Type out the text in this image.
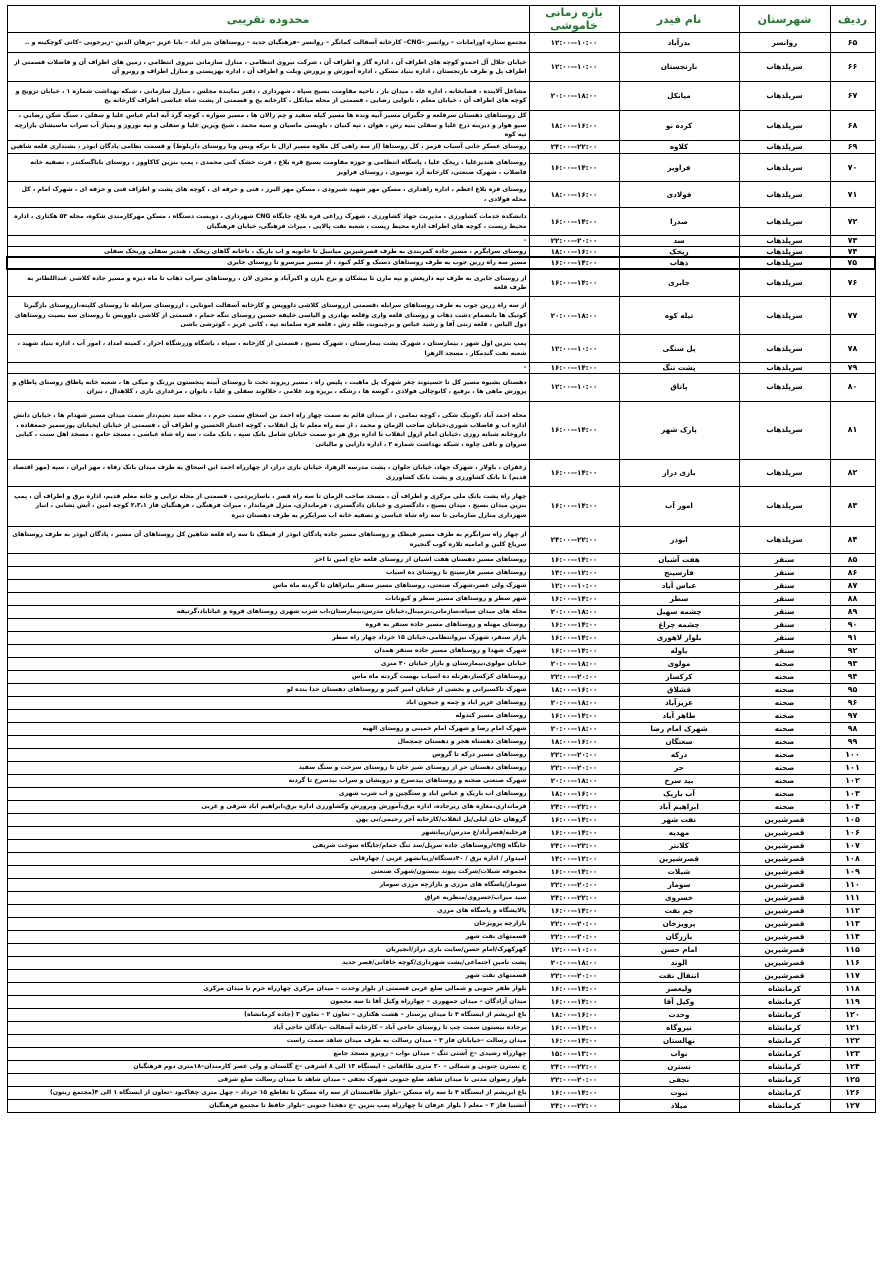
ردیف	شهرستان	نام فیدر	بازه زمانی خاموشی	محدوده تقریبی
۶۵	روانسر	بدرآباد	۱۰:۰۰--۱۲:۰۰	مجتمع ستاره اورامانات – روانسر –CNG– کارخانه آسفالت کمانگر – روانسر –فرهنگیان جدید – روستاهای بدر اباد – بابا عزیز –برهان الدین –زیرجوبی –کانی کوچکینه و ..
۶۶	سرپلذهاب	نارنجستان	۱۰:۰۰--۱۲:۰۰	خیابان جلال آل احمدو کوچه های اطراف آن ، اداره گاز و اطراف آن ، شرکت نیروی انتظامی ، منازل سازمانی نیروی انتظامی ، زمین های اطراف آن و فاضلاب قسمتی از اطراف پل و طرف نارنجستان ، اداره بنیاد مسکن ، اداره آموزش و پرورش وبلت و اطراف آن ، اداره بهزیستی و منازل اطراف و روبرو آن
۶۷	سرپلذهاب	میانکل	۱۸:۰۰--۲۰:۰۰	مشاغل آلاینده ، قصابخانه ، اداره غله ، میدان بار ، ناحیه مقاومت بسیج سپاه ، شهرداری ، دفتر نماینده مجلس ، منازل سازمانی ، شبکه بهداشت شماره ۱ ، خیابان ترویج و کوچه های اطراف آن ، خیابان معلم ، تانوایی رضایی ، قسمتی از محله میانکل ، کارخانه یخ و قسمتی از پشت شاه عباسی اطراف کارخانه یخ
۶۸	سرپلذهاب	کرده نو	۱۶:۰۰--۱۸:۰۰	کل روستاهای دهستان سرقلعه و جگیران مسیر آبیه ونده ها مسیر کیله سفید و چم زالان ها ، مسیر سواره ، کوچه گرد آیه امام عباس علیا و سفلی ، سنگ شکن رضایی ، سیو هوار و دیرینه ذرع علیا و سفلی بنیه رش ، هوان ، تپه کنیان ، باویسی ماسیان و سیه محمد ، شیخ ویزین علیا و سفلی و تپه نوروز و پمپاژ آب سراب ماسیشان بازارچه تپه کوه
۶۹	سرپلذهاب	کلاوه	۲۲:۰۰--۲۴:۰۰	روستای عسکر خانی آسیاب قرمز ، کل روستاها (از سه راهی کل ملاوه مسیر ازال تا ترکه ویس وتا روستای داربلوط) و قسمت نظامی پادگان ابوذر ، بشنداری قلعه شاهین
۷۰	سرپلذهاب	فراویز	۱۴:۰۰--۱۶:۰۰	روستاهای هندیزعلیا ، ریخک علیا ، پاسگاه انتظامی و حوزه مقاومت بسیج قره بلاغ ، قرت خشک کنی محمدی ، پمپ بنزین کاکاوور ، روستای باباگسکندر ، تصفیه خانه فاضلاب ، شهرک صنعتی، کارخانه آرد موسوی ، روستای فراویز
۷۱	سرپلذهاب	فولادی	۱۶:۰۰--۱۸:۰۰	روستای قره بلاغ اعظم ، اداره راهداری ، مسکن مهر شهید شیرودی ، مسکن مهر البرز ، فنی و حرفه ای ، کوچه های پشت و اطراف فنی و حرفه ای ، شهرک امام ، کل محله فولادی ،
۷۲	سرپلذهاب	صدرا	۱۴:۰۰--۱۶:۰۰	دانشکده خدمات کشاورزی ، مدیریت جهاد کشاورزی ، شهرک زراعی قره بلاغ، جایگاه CNG شهرداری ، دوبست دستگاه ، مسکن مهرکارمندی شکوه، محله ۵۴ هکتاری ، اداره محیط زیست ، کوچه های اطراف اداره محیط زیست ، شعبه نفت پالایی ، میراث فرهنگی، خیابان فرهنگیان
۷۳	سرپلذهاب	سد	۲۰:۰۰--۲۲:۰۰	-
۷۴	سرپلذهاب	ریخک	۱۶:۰۰--۱۸:۰۰	روستای سرابگرم ، مسیر جاده کمربندی به طرف قصرشیرین میانبیل تا خانوبه و اب باریک ، تاخانه گاهای ریخک ، هندیر سفلی وریخک سفلی
۷۵	سرپلذهاب	ذهاب	۱۴:۰۰--۱۶:۰۰	مسیر سه راه زرین جوب به طرف روستاهای دستک و کلم کبود ، از مسیر میرسرو تا روستای جابری
۷۶	سرپلذهاب	جابری	۱۴:۰۰--۱۶:۰۰	از روستای جابری به طرف تپه دارپغش و تپه مارن تا بیشکان و برج بارن و اکبرآباد و مجری لان ، روستاهای سراب ذهاب تا ماه دیزه و مسیر جاده کلاشی عبداللطانر به طرف قلعه
۷۷	سرپلذهاب	تیله کوه	۱۸:۰۰--۲۰:۰۰	از سه راه زرین جوب به طرف روستاهای سرابله ،قسمتی ازروستای کلاشی داوویس و کارخانه آسفالت امونایی ، ازروستای سرابله تا روستای کلیته،ازروستای بازگیرتا کوتیک ها بانضمام دشت ذهاب و روستای قلعه واری وقلعه بهادری و الیاسی خلیفه حسین روستای تنگه حمام ، قسمتی از کلاشی داوویس تا روستای سه بسیت روستاهای دول الیاس ، قلعه زنتی آقا و رشید عباس و برچینوند، ظله زش ، قلعه فره سلمانه تپه ، کانی عزیز ، کوترشی باشی
۷۸	سرپلذهاب	پل سنگی	۱۰:۰۰--۱۲:۰۰	پمپ بنزین اول شهر ، بیمارستان ، شهرک پشت بیمارستان ، شهرک بسیج ، قسمتی از کارخانه ، سپاه ، باشگاه وزرشگاه احرار ، کمیته امداد ، امور آب ، اداره بنیاد شهید ، شعبه نفت گندمکار ، مسجد الزهرا
۷۹	سرپلذهاب	پشت تنگ	۱۴:۰۰--۱۶:۰۰	-
۸۰	سرپلذهاب	پاتاق	۱۰:۰۰--۱۲:۰۰	دهستان بشیوه مسیر کل تا حسینوند چغر شهرک پل ماهیت ، پلیس راه ، مسیر ریزوند تخت تا روستای آبینه پنجستون برزنک و میکی ها ، شعبه خانه پاطاق روستای پاطاق و پرورش ماهی ها ، برفیع ، کانوچالی فولادی ، کوسه ها ، زشکه ، بریره وند غلامی ، جلالوند سفلی و علیا ، بانوان ، مرغداری بازی ، کلاهدال ، بیران
۸۱	سرپلذهاب	پارک شهر	۱۴:۰۰--۱۶:۰۰	محله احمد آباد ،کوتیک شکی ، کوچه تمامی ، از میدان قائم به سمت چهار راه احمد بن اسحاق سمت حرم ، ، محله سید نعیم،دار سمت میدان مسیر شهدام ها ، خیابان دانش اداره اب و فاضلاب شوری،خیابان صاحب الزمان و محمد ، از سه راه معلم تا پل انقلاب ، کوچه اعتبار الحسین و اطراف آن ، قسمتی از خیابان ایخیابان پورسمیر جمعفاده ، داروخانه شبانه روزی ،خیابان امام ازول انقلاب تا اداره برق هر دو سمت خیابان شامل بانک سپه ، بانک ملت ، سه راه شاه عباسی ، مسجد جامع ، مسجد اهل سنت ، کبابی سروان و باقی چاوه ، شبکه بهداشت شماره ۲ ، اداره دارایی و مالیاتی
۸۲	سرپلذهاب	بازی دراز	۱۴:۰۰--۱۶:۰۰	زعفران ، باولار ، شهرک جهاد، خیابان حلوان ، پشت مدرسه الزهرا، خیابان بازی دراز، از چهارراه احمد ابن اسحاق به طرف میدان بانک رفاه ، مهر ایران ، سپه (مهر اقتصاد قدیم) تا بانک کشاورزی و پشت بانک کشاورزی
۸۳	سرپلذهاب	امور آب	۱۴:۰۰--۱۶:۰۰	چهار راه پشت بانک ملی مرکزی و اطراف آن ، مسجد صاحب الزمان تا سه راه قصر ، باسازبردمی ، قسمتی از محله ترابی و خانه معلم قدیم، اداره برق و اطراف آن ، پمپ بنزین میدان بسیج ، میدان بسیج ، دادگستری و خیابان دادگستری ، فرمانداری، منزل فرماندار ، میراث فرهنگی ، فرهنگیان فاز ۲،۳،۱ کوچه امین ، آتش نشانی ، انبار شهرداری منازل سازمانی تا سه راه شاه عباسی و تصفیه خانه اب سرابکرم به طرف دهستان دیره
۸۴	سرپلذهاب	ابوذر	۲۲:۰۰--۲۴:۰۰	از چهار راه سرابگرم به طرف مسیر قیطک و روستاهای مسیر جاده پادگان ابوذر از قیطک تا سه راه قلعه شاهین کل روستاهای آن مسیر ، پادگان ابوذر به طرف روستاهای سریاغ کلین و امامیه تلاره کوب گنجیره
۸۵	سنقر	هفت آشیان	۱۴:۰۰--۱۶:۰۰	روستاهای مسیر دهستان هفت اشیان از روستای قلعه حاج امین تا اخر
۸۶	سنقر	فارسینج	۱۲:۰۰--۱۴:۰۰	روستاهای مسیر فارسینج تا روستای ده اسیاب
۸۷	سنقر	عباس آباد	۱۰:۰۰--۱۲:۰۰	شهرک ولی عصر،شهرک صنعتی، روستاهای مسیر سنقر بیاتراهان تا گردنه ماه ماس
۸۸	سنقر	سطر	۱۴:۰۰--۱۶:۰۰	شهر سطر و روستاهای مسیر سطر و کیوناتات
۸۹	سنقر	چشمه سهیل	۱۸:۰۰--۲۰:۰۰	محله های میدان سپاه،سازمانی،ترمینال،خیابان مدرس،بیمارستان،اب شرب شهری روستاهای قروه و غیاثاباد،گرتیفه
۹۰	سنقر	چشمه چراغ	۱۴:۰۰--۱۶:۰۰	روستای مهنله و روستاهای مسیر جاده سنقر به قروه
۹۱	سنقر	بلوار لاهوری	۱۴:۰۰--۱۶:۰۰	بازار سنقر، شهرک نیروانتظامی،خیابان ۱۵ خرداد چهار راه سطر
۹۲	سنقر	باوله	۱۴:۰۰--۱۶:۰۰	شهرک شهدا و روستاهای مسیر جاده سنقر همدان
۹۳	صحنه	مولوی	۱۸:۰۰--۲۰:۰۰	خیابان مولوی،بیمارستان و بازار خیابان ۴۰ متری
۹۴	صحنه	کرکسار	۲۰:۰۰--۲۲:۰۰	روستاهای کرکسار،هرنله ده اسیاب بهست گردنه ماه ماس
۹۵	صحنه	قشلاق	۱۶:۰۰--۱۸:۰۰	شهرک تاکسیرانی و بخشی از خیابان امیر کبیر و روستاهای دهستان خدا بنده لو
۹۶	صحنه	عزیزآباد	۱۸:۰۰--۲۰:۰۰	روستاهای عزیز اباد و چمه و جیحون اباد
۹۷	صحنه	طاهر آباد	۱۴:۰۰--۱۶:۰۰	روستاهای مسیر کندوله
۹۸	صحنه	شهرک امام رضا	۱۸:۰۰--۲۰:۰۰	شهرک امام رضا و شهرک امام خمینی و روستای الهیه
۹۹	صحنه	سعنگان	۱۶:۰۰--۱۸:۰۰	روستاهای دهستاه هجر و دهستان چمچمال
۱۰۰	صحنه	درکه	۲۰:۰۰--۲۲:۰۰	روستاهای مسیر درکه تا گروس
۱۰۱	صحنه	حر	۲۰:۰۰--۲۲:۰۰	روستاهای دهستان حر از روستای شیر خان تا روستای سرخت و سنگ سفید
۱۰۲	صحنه	بید سرخ	۱۸:۰۰--۲۰:۰۰	شهرک صنعتی صحنه و روستاهای بیدسرخ و درویشان و سراب بیدسرخ تا گردنه
۱۰۳	صحنه	آب باریک	۱۶:۰۰--۱۸:۰۰	روستاهای اب باریک و عباس اباد و سنگچین و اب شرب شهری
۱۰۴	صحنه	ابراهیم آباد	۲۲:۰۰--۲۴:۰۰	فرمانداری،مغازه های زیرجاده، اداره برق،آموزش وپرورش وکشاورزی اداره برق،ابراهیم اباد شرقی و غربی
۱۰۵	قصرشیرین	نفت شهر	۱۴:۰۰--۱۶:۰۰	گروهان خان لیلی/پل انقلاب/کارخانه آجر رحیمی/نی پهن
۱۰۶	قصرشیرین	مهدیه	۱۴:۰۰--۱۶:۰۰	فرخلیه/قصرآباد/ع مدرس/زبیانشهر
۱۰۷	قصرشیرین	کلانتر	۲۲:۰۰--۲۴:۰۰	جایگاه cng/روستاهای جاده سرپل/سد تنگ حمام/جایگاه سوخت شریفی
۱۰۸	قصرشیرین	قصرشیرین	۱۲:۰۰--۱۴:۰۰	امیدوار / اداره برق / ۴۰دستگاه/زیبانشهر غربی / چهارقاپی
۱۰۹	قصرشیرین	شیلات	۱۴:۰۰--۱۶:۰۰	مجموعه شیلات/شرکت پیوند بیستون/شهرک صنعتی
۱۱۰	قصرشیرین	سومار	۲۰:۰۰--۲۲:۰۰	سومار/پاسگاه های مرزی و بازارچه مرزی سومار
۱۱۱	قصرشیرین	خسروی	۲۲:۰۰--۲۴:۰۰	سید میراب/خسروی/منظریه عراق
۱۱۲	قصرشیرین	چم نفت	۱۴:۰۰--۱۶:۰۰	پالایشگاه و پاسگاه های مرزی
۱۱۳	قصرشیرین	پرویزخان	۲۰:۰۰--۲۲:۰۰	بازارچه پرویزخان
۱۱۴	قصرشیرین	بازرگان	۲۰:۰۰--۲۲:۰۰	قسمتهای نفت شهر
۱۱۵	قصرشیرین	امام حسن	۱۰:۰۰--۱۲:۰۰	کهرکهرک/امام حسن/سایت بازی دراز/انجیربان
۱۱۶	قصرشیرین	الوند	۱۸:۰۰--۲۰:۰۰	پشت تامین اجتماعی/پشت شهرداری/کوچه خاقانی/قصر جدید
۱۱۷	قصرشیرین	انتقال نفت	۲۰:۰۰--۲۲:۰۰	قسمتهای نفت شهر
۱۱۸	کرمانشاه	ولیعصر	۱۴:۰۰--۱۶:۰۰	بلوار ظفر جنوبی و شمالی ضلع غربی قسمتی از بلوار وحدت – میدان مرکزی چهارراه خرم تا میدان مرکزی
۱۱۹	کرمانشاه	وکیل آقا	۱۴:۰۰--۱۶:۰۰	میدان آزادگان – میدان جمهوری – چهارراه وکیل آقا تا سه محمون
۱۲۰	کرمانشاه	وحدت	۱۶:۰۰--۱۸:۰۰	باغ ابریشم از ایستگاه ۴ تا میدان پرستار – هشت هکتاری – تعاون ۲ – تعاون ۳ (جاده کرمانشاه)
۱۲۱	کرمانشاه	نیروگاه	۱۴:۰۰--۱۶:۰۰	برجاده بیستون سمت چپ تا روستای حاجی آباد – کارخانه آسفالت –پادگان حاجی آباد
۱۲۲	کرمانشاه	نهالستان	۱۴:۰۰--۱۶:۰۰	میدان رسالت –خیابانان فاز ۴ – میدان رسالت به طرف میدان شاهد سمت راست
۱۲۳	کرمانشاه	نواب	۱۳:۰۰--۱۵:۰۰	چهارراه رشیدی –خ آشتی تنگ – میدان نواب – روبرو مسجد جامع
۱۲۴	کرمانشاه	نسترن	۲۲:۰۰--۲۴:۰۰	خ نسترن جنوبی و شمالی – ۳۰ متری طالقانی – ایستگاه ۱۳ الی ۸ اشرفی –خ گلستان و ولی عصر کارمندان–۱۸متری دوم فرهنگیان
۱۲۵	کرمانشاه	نجفی	۲۰:۰۰--۲۲:۰۰	بلوار رضوان مدنی تا میدان شاهد ضلع جنوبی شهرک نجفی – میدان شاهد تا میدان رسالت ضلع شرقی
۱۲۶	کرمانشاه	نبوت	۱۴:۰۰--۱۶:۰۰	باغ ابریشم از ایستگاه ۴ تا سه راه مسکن –بلوار طاقبستان از سه راه مسکن تا تقاطع ۱۵ خرداد – چهل متری چقاکبود –تعاون از ایستگاه ۱ الی ۴(مجتمع زیتون)
۱۲۷	کرمانشاه	میلاد	۲۲:۰۰--۲۴:۰۰	آتشبیا فاز ۳ – معلم ( بلوار عرفان تا چهارراه پمپ بنزین –خ دهخدا جنوبی –بلوار حافظ تا مجتمع فرهنگیان
